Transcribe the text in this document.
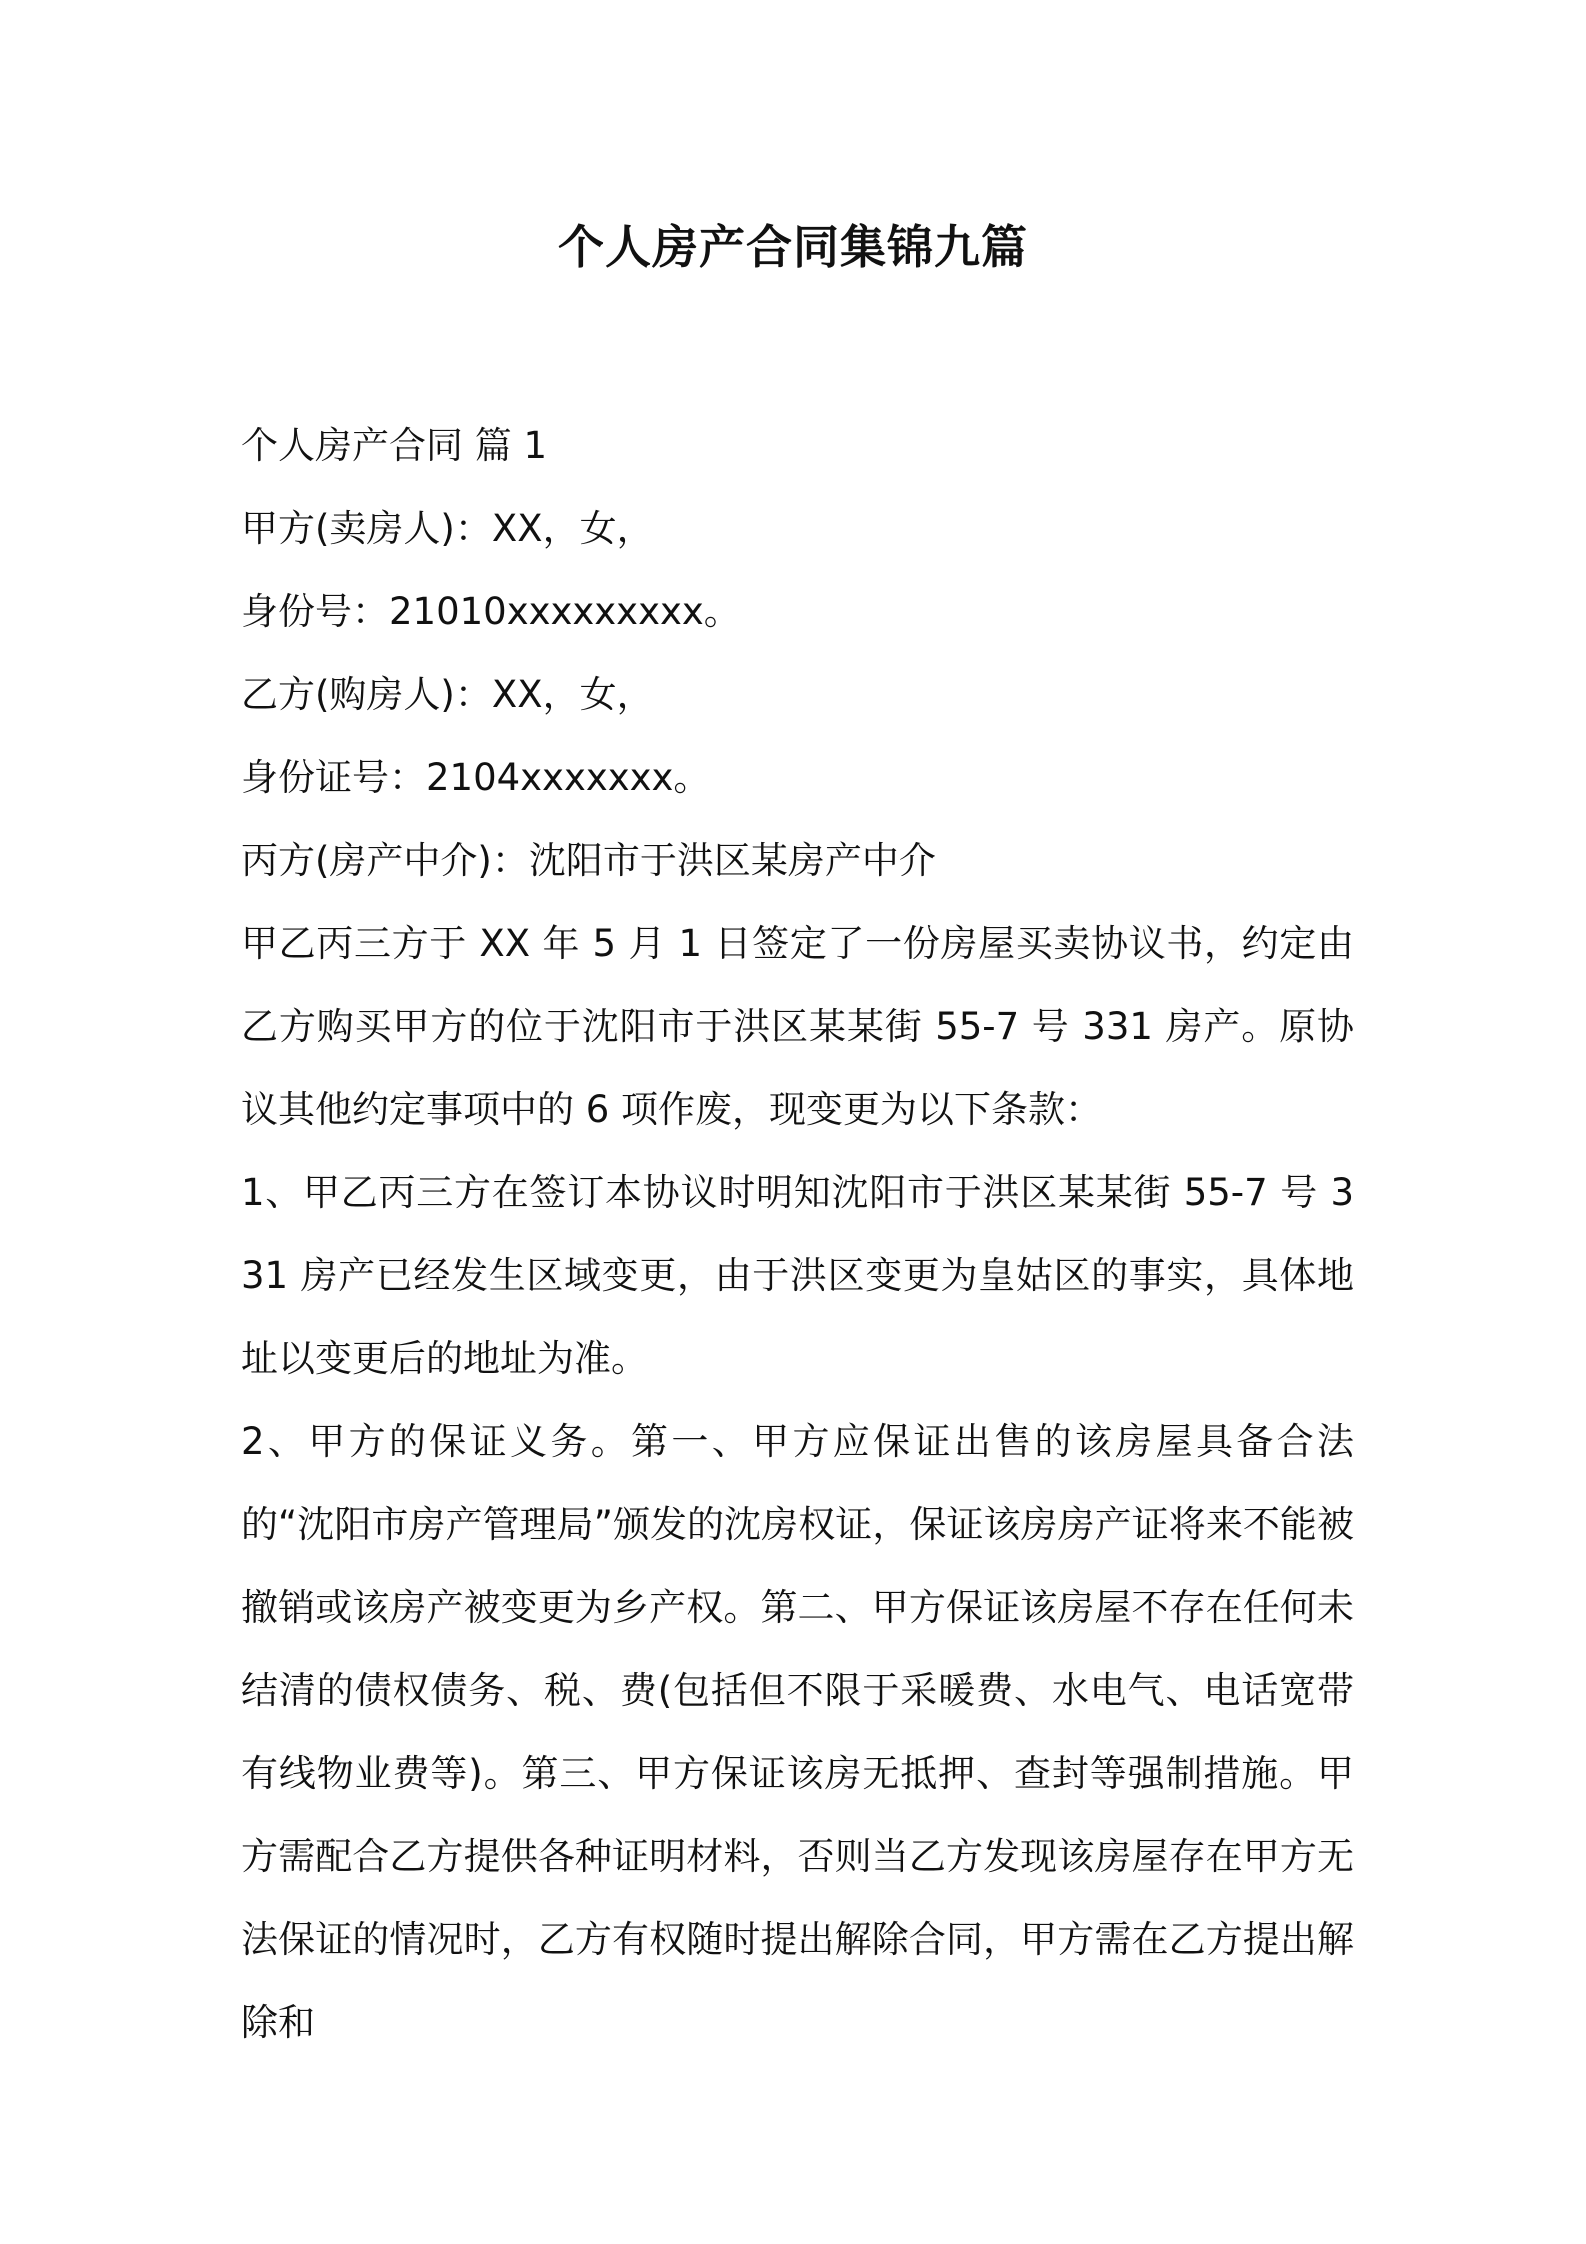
个人房产合同集锦九篇

个人房产合同 篇 1

甲方(卖房人)：XX，女，

身份号：21010xxxxxxxxx。

乙方(购房人)：XX，女，

身份证号：2104xxxxxxx。

丙方(房产中介)：沈阳市于洪区某房产中介

甲乙丙三方于 XX 年 5 月 1 日签定了一份房屋买卖协议书，约定由乙方购买甲方的位于沈阳市于洪区某某街 55-7 号 331 房产。原协议其他约定事项中的 6 项作废，现变更为以下条款：

1、甲乙丙三方在签订本协议时明知沈阳市于洪区某某街 55-7 号 331 房产已经发生区域变更，由于洪区变更为皇姑区的事实，具体地址以变更后的地址为准。

2、甲方的保证义务。第一、甲方应保证出售的该房屋具备合法的“沈阳市房产管理局”颁发的沈房权证，保证该房房产证将来不能被撤销或该房产被变更为乡产权。第二、甲方保证该房屋不存在任何未结清的债权债务、税、费(包括但不限于采暖费、水电气、电话宽带有线物业费等)。第三、甲方保证该房无抵押、查封等强制措施。甲方需配合乙方提供各种证明材料，否则当乙方发现该房屋存在甲方无法保证的情况时，乙方有权随时提出解除合同，甲方需在乙方提出解除和
